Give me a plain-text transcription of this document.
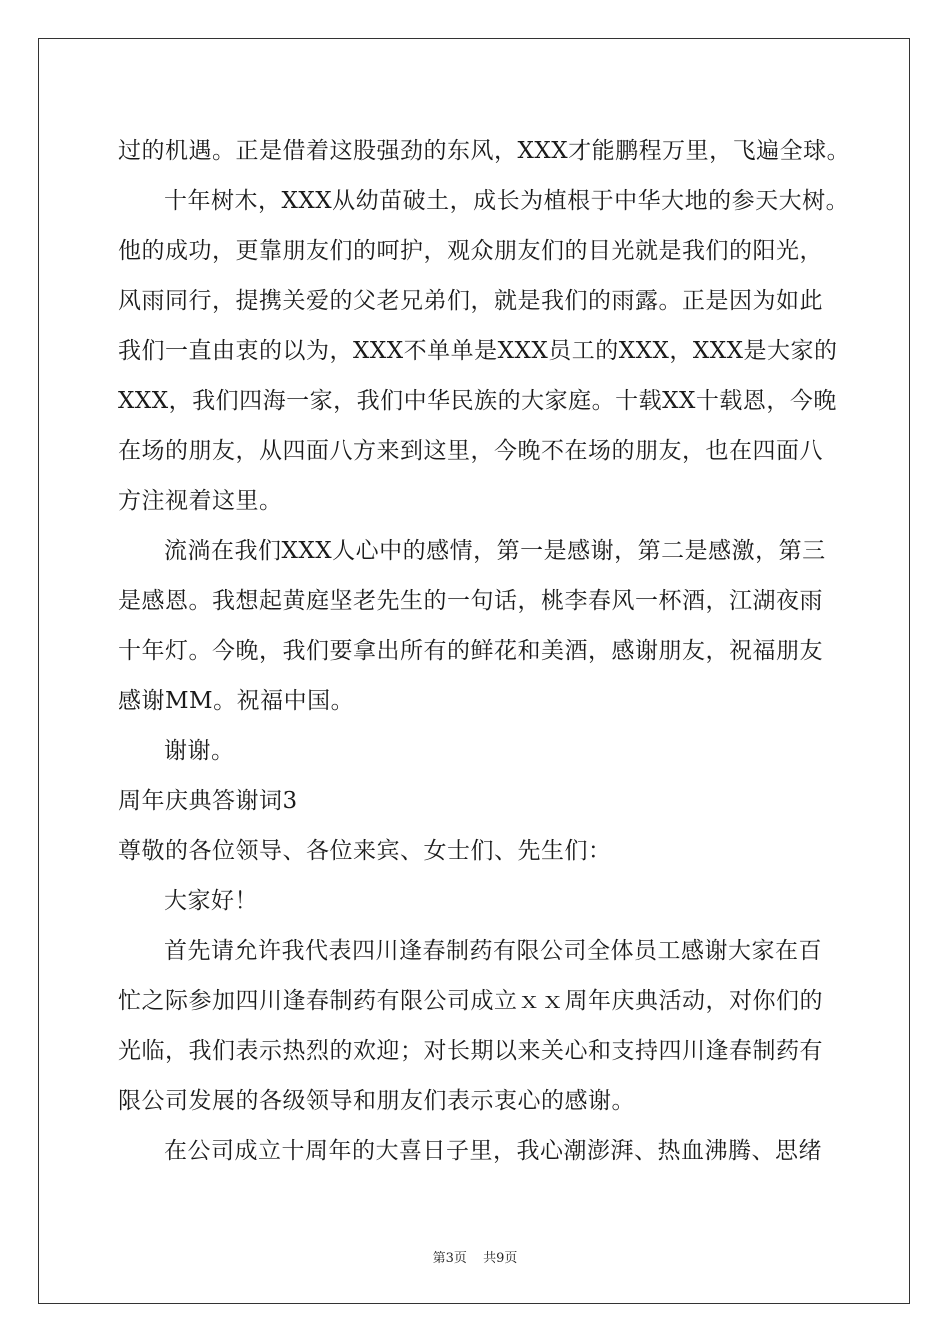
过的机遇。正是借着这股强劲的东风，XXX才能鹏程万里，飞遍全球。
十年树木，XXX从幼苗破土，成长为植根于中华大地的参天大树。
他的成功，更靠朋友们的呵护，观众朋友们的目光就是我们的阳光，
风雨同行，提携关爱的父老兄弟们，就是我们的雨露。正是因为如此
我们一直由衷的以为，XXX不单单是XXX员工的XXX，XXX是大家的
XXX，我们四海一家，我们中华民族的大家庭。十载XX十载恩，今晚
在场的朋友，从四面八方来到这里，今晚不在场的朋友，也在四面八
方注视着这里。
流淌在我们XXX人心中的感情，第一是感谢，第二是感激，第三
是感恩。我想起黄庭坚老先生的一句话，桃李春风一杯酒，江湖夜雨
十年灯。今晚，我们要拿出所有的鲜花和美酒，感谢朋友，祝福朋友
感谢MM。祝福中国。
谢谢。
周年庆典答谢词3
尊敬的各位领导、各位来宾、女士们、先生们：
大家好！
首先请允许我代表四川逢春制药有限公司全体员工感谢大家在百
忙之际参加四川逢春制药有限公司成立ｘｘ周年庆典活动，对你们的
光临，我们表示热烈的欢迎；对长期以来关心和支持四川逢春制药有
限公司发展的各级领导和朋友们表示衷心的感谢。
在公司成立十周年的大喜日子里，我心潮澎湃、热血沸腾、思绪
第3页 共9页
